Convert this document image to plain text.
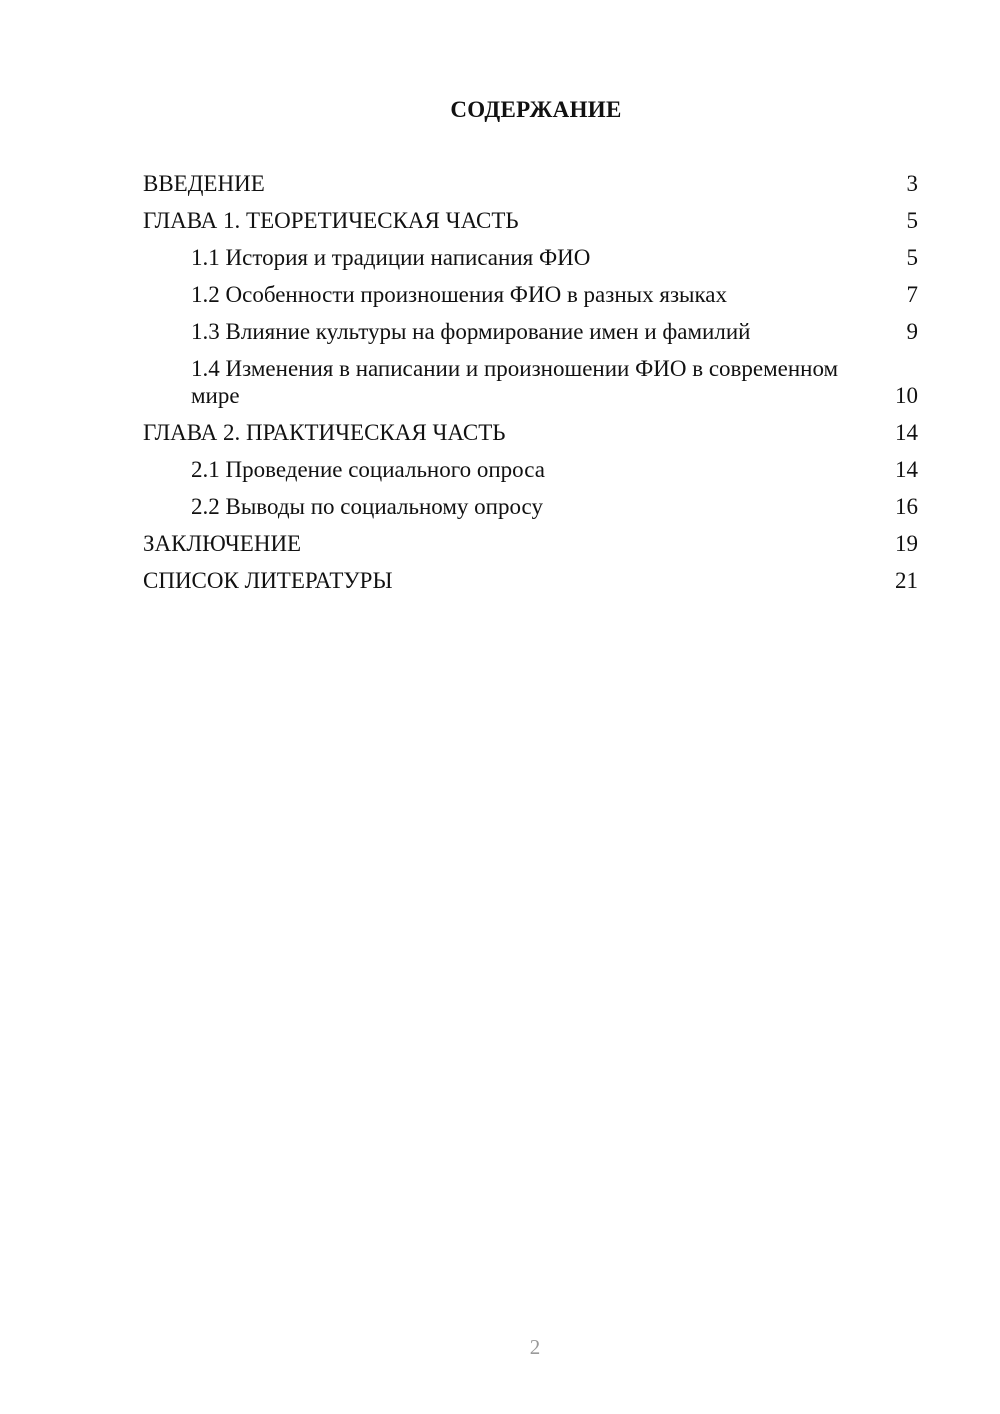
СОДЕРЖАНИЕ
ВВЕДЕНИЕ	3
ГЛАВА 1. ТЕОРЕТИЧЕСКАЯ ЧАСТЬ	5
1.1 История и традиции написания ФИО	5
1.2 Особенности произношения ФИО в разных языках	7
1.3 Влияние культуры на формирование имен и фамилий	9
1.4 Изменения в написании и произношении ФИО в современном мире	10
ГЛАВА 2. ПРАКТИЧЕСКАЯ ЧАСТЬ	14
2.1 Проведение социального опроса	14
2.2 Выводы по социальному опросу	16
ЗАКЛЮЧЕНИЕ	19
СПИСОК ЛИТЕРАТУРЫ	21
2
